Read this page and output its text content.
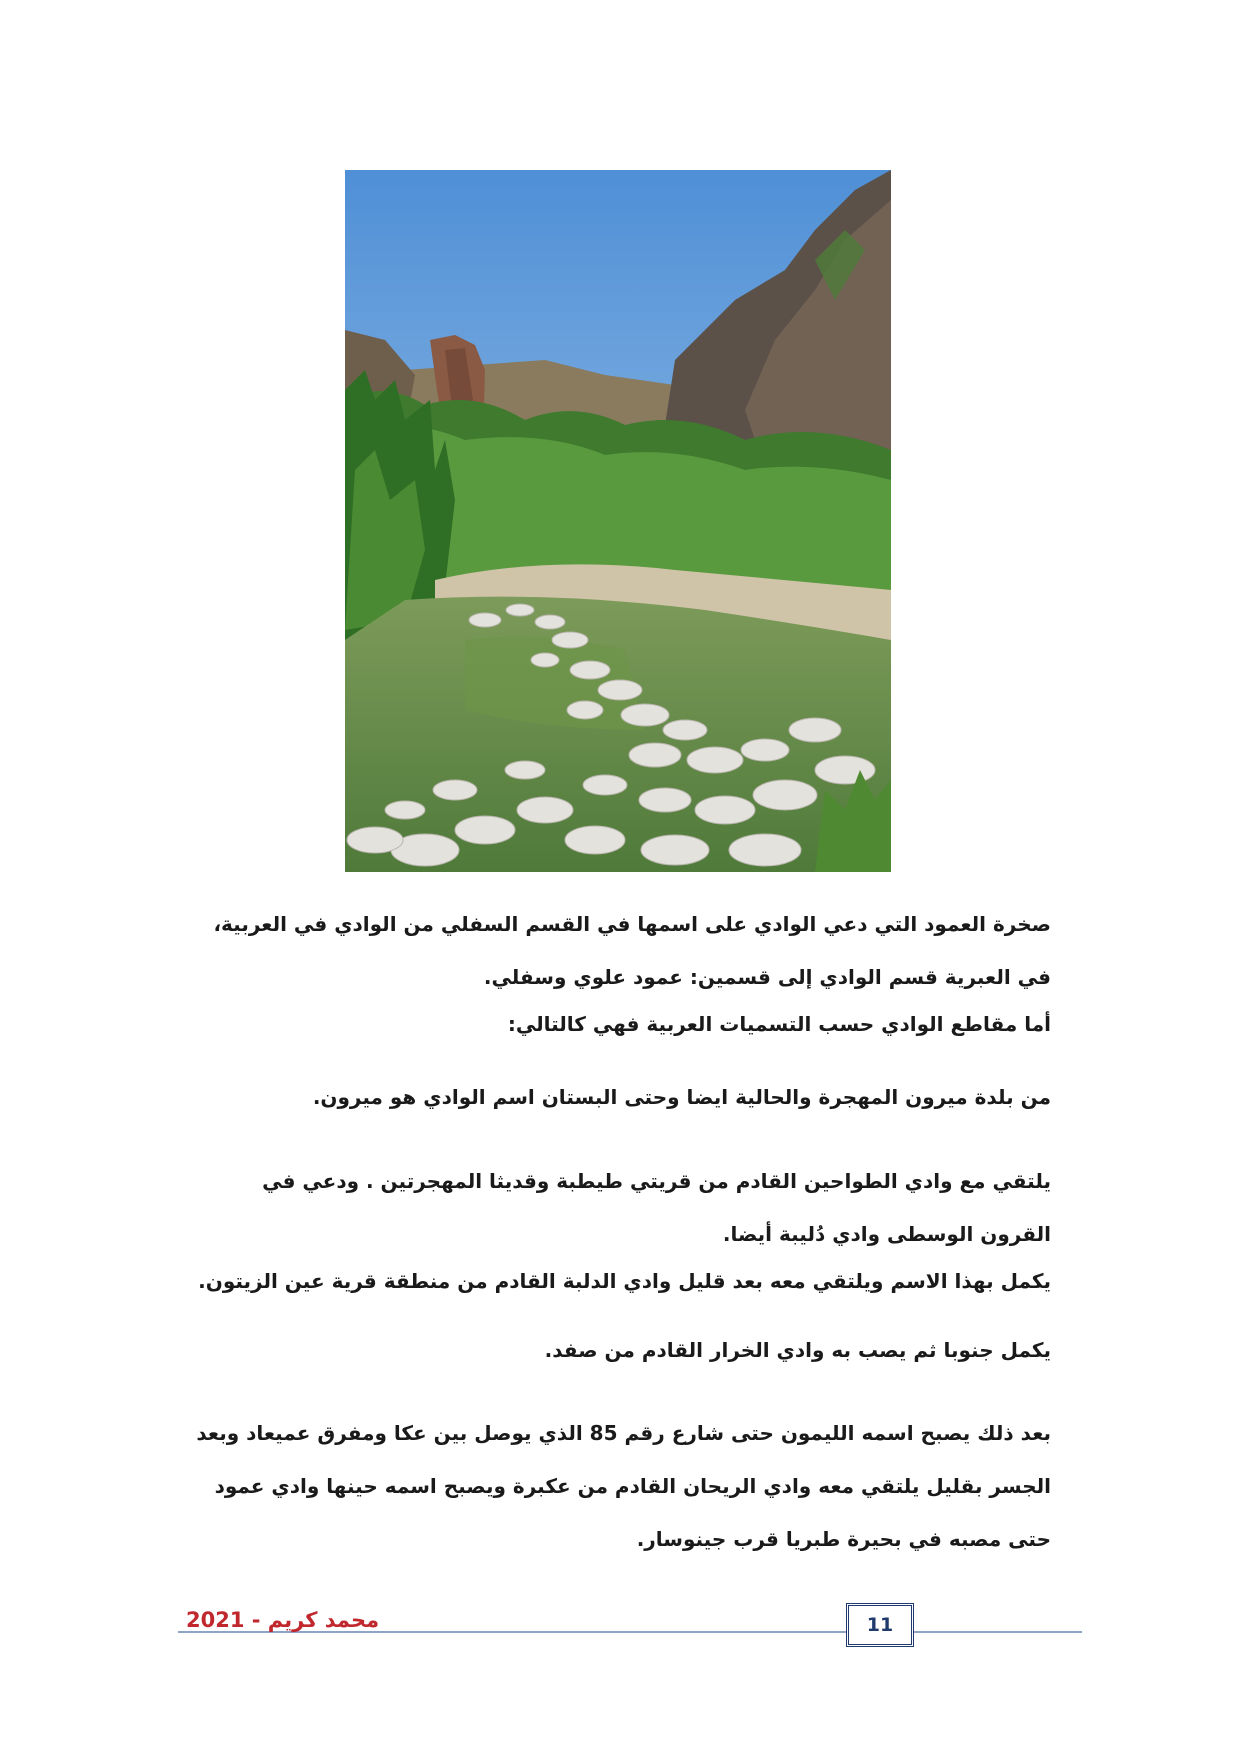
صخرة العمود التي دعي الوادي على اسمها في القسم السفلي من الوادي في العربية، في العبرية قسم الوادي إلى قسمين: عمود علوي وسفلي.

أما مقاطع الوادي حسب التسميات العربية فهي كالتالي:

من بلدة ميرون المهجرة والحالية ايضا وحتى البستان اسم الوادي هو ميرون.

يلتقي مع وادي الطواحين القادم من قريتي طيطبة وقديثا المهجرتين . ودعي في القرون الوسطى وادي دُليبة أيضا.

يكمل بهذا الاسم ويلتقي معه بعد قليل وادي الدلبة القادم من منطقة قرية عين الزيتون.

يكمل جنوبا ثم يصب به وادي الخرار القادم من صفد.

بعد ذلك يصبح اسمه الليمون حتى شارع رقم 85 الذي يوصل بين عكا ومفرق عميعاد وبعد الجسر بقليل يلتقي معه وادي الريحان القادم من عكبرة ويصبح اسمه حينها وادي عمود حتى مصبه في بحيرة طبريا قرب جينوسار.

11
محمد كريم - 2021
